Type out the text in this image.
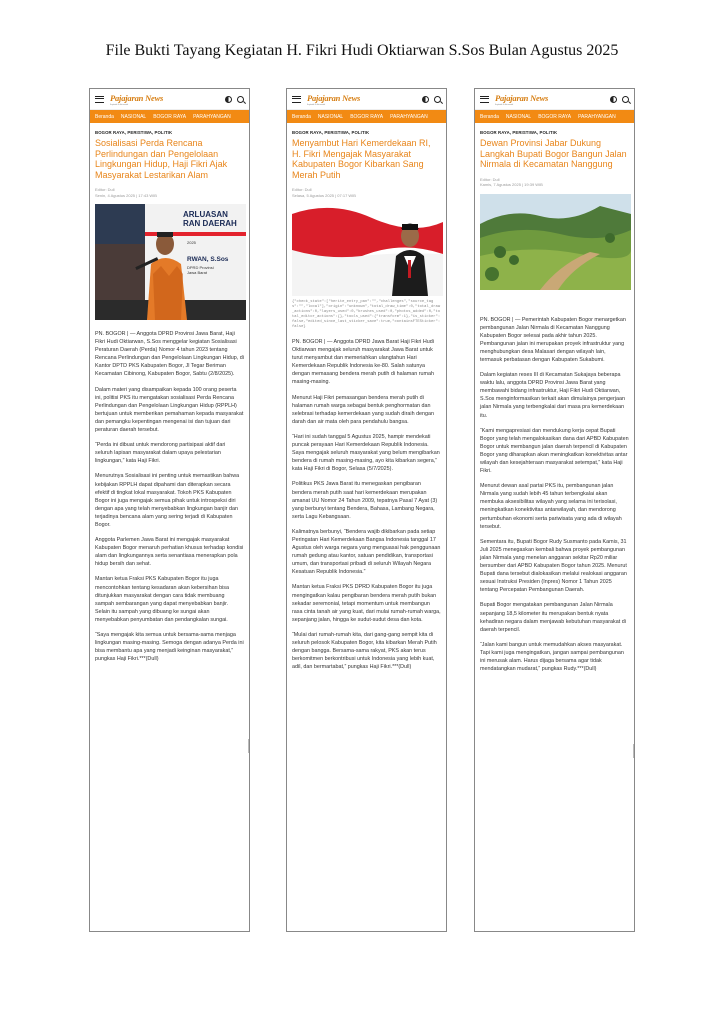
File Bukti Tayang Kegiatan H. Fikri Hudi Oktiarwan S.Sos Bulan Agustus 2025
Pajajaran News
Inspiratif & Informatif
Beranda NASIONAL BOGOR RAYA PARAHYANGAN
BOGOR RAYA, PERISTIWA, POLITIK
Sosialisasi Perda Rencana Perlindungan dan Pengelolaan Lingkungan Hidup, Haji Fikri Ajak Masyarakat Lestarikan Alam
Editor: Dull
Senin, 4 Agustus 2025 | 17:43 WIB
ARLUASAN
RAN DAERAH
2025
RWAN, S.Sos
DPRD Provinsi
Jawa Barat

PN. BOGOR | — Anggota DPRD Provinsi Jawa Barat, Haji Fikri Hudi Oktiarwan, S.Sos menggelar kegiatan Sosialisasi Peraturan Daerah (Perda) Nomor 4 tahun 2023 tentang Rencana Perlindungan dan Pengelolaan Lingkungan Hidup, di Kantor DPTD PKS Kabupaten Bogor, Jl Tegar Beriman Kecamatan Cibinong, Kabupaten Bogor, Sabtu (2/8/2025).

Dalam materi yang disampaikan kepada 100 orang peserta ini, politisi PKS itu mengatakan sosialisasi Perda Rencana Perlindungan dan Pengelolaan Lingkungan Hidup (RPPLH) bertujuan untuk memberikan pemahaman kepada masyarakat dan pemangku kepentingan mengenai isi dan tujuan dari peraturan daerah tersebut.

“Perda ini dibuat untuk mendorong partisipasi aktif dari seluruh lapisan masyarakat dalam upaya pelestarian lingkungan,” kata Haji Fikri.

Menurutnya Sosialisasi ini penting untuk memastikan bahwa kebijakan RPPLH dapat dipahami dan diterapkan secara efektif di tingkat lokal masyarakat. Tokoh PKS Kabupaten Bogor ini juga mengajak semua pihak untuk introspeksi diri dengan apa yang telah menyebabkan lingkungan banjir dan terjadinya bencana alam yang sering terjadi di Kabupaten Bogor.

Anggota Parlemen Jawa Barat ini mengajak masyarakat Kabupaten Bogor menaruh perhatian khusus terhadap kondisi alam dan lingkungannya serta senantiasa menerapkan pola hidup bersih dan sehat.

Mantan ketua Fraksi PKS Kabupaten Bogor itu juga mencontohkan tentang kesadaran akan kebersihan bisa ditunjukkan masyarakat dengan cara tidak membuang sampah sembarangan yang dapat menyebabkan banjir. Selain itu sampah yang dibuang ke sungai akan menyebabkan penyumbatan dan pendangkalan sungai.

“Saya mengajak kita semua untuk bersama-sama menjaga lingkungan masing-masing. Semoga dengan adanya Perda ini bisa membantu apa yang menjadi keinginan masyarakat,” pungkas Haji Fikri.***(Dull)

Pajajaran News
Inspiratif & Informatif
Beranda NASIONAL BOGOR RAYA PARAHYANGAN
BOGOR RAYA, PERISTIWA, POLITIK
Menyambut Hari Kemerdekaan RI, H. Fikri Mengajak Masyarakat Kabupaten Bogor Kibarkan Sang Merah Putih
Editor: Dull
Selasa, 5 Agustus 2025 | 07:17 WIB
{"check_state":["herite_entry_pan":"","challenges","source_tags":"","local"],"origin":"unknown","total_draw_time":0,"total_draw_actions":0,"layers_used":0,"brushes_used":0,"photos_added":0,"total_editor_actions":{},"tools_used":{"transform":1},"is_sticker":false,"edited_since_last_sticker_save":true,"containsFTESticker":false}

PN. BOGOR | — Anggota DPRD Jawa Barat Haji Fikri Hudi Oktiarwan mengajak seluruh masyarakat Jawa Barat untuk turut menyambut dan memeriahkan ulangtahun Hari Kemerdekaan Republik Indonesia ke-80. Salah satunya dengan memasang bendera merah putih di halaman rumah masing-masing.

Menurut Haji Fikri pemasangan bendera merah putih di halaman rumah warga sebagai bentuk penghormatan dan selebrasi terhadap kemerdekaan yang sudah diraih dengan darah dan air mata oleh para pendahulu bangsa.

“Hari ini sudah tanggal 5 Agustus 2025, hampir mendekati puncak perayaan Hari Kemerdekaan Republik Indonesia. Saya mengajak seluruh masyarakat yang belum mengibarkan bendera di rumah masing-masing, ayo kita kibarkan segera,” kata Haji Fikri di Bogor, Selasa (5/7/2025).

Politikus PKS Jawa Barat itu menegaskan pengibaran bendera merah putih saat hari kemerdekaan merupakan amanat UU Nomor 24 Tahun 2009, tepatnya Pasal 7 Ayat (3) yang berbunyi tentang Bendera, Bahasa, Lambang Negara, serta Lagu Kebangsaan.

Kalimatnya berbunyi, “Bendera wajib dikibarkan pada setiap Peringatan Hari Kemerdekaan Bangsa Indonesia tanggal 17 Agustus oleh warga negara yang menguasai hak penggunaan rumah gedung atau kantor, satuan pendidikan, transportasi umum, dan transportasi pribadi di seluruh Wilayah Negara Kesatuan Republik Indonesia.”

Mantan ketua Fraksi PKS DPRD Kabupaten Bogor itu juga mengingatkan kalau pengibaran bendera merah putih bukan sekadar seremonial, tetapi momentum untuk membangun rasa cinta tanah air yang kuat, dari mulai rumah-rumah warga, sepanjang jalan, hingga ke sudut-sudut desa dan kota.

“Mulai dari rumah-rumah kita, dari gang-gang sempit kita di seluruh pelosok Kabupaten Bogor, kita kibarkan Merah Putih dengan bangga. Bersama-sama rakyat, PKS akan terus berkomitmen berkontribusi untuk Indonesia yang lebih kuat, adil, dan bermartabat,” pungkas Haji Fikri.***(Dull)

Pajajaran News
Inspiratif & Informatif
Beranda NASIONAL BOGOR RAYA PARAHYANGAN
BOGOR RAYA, PERISTIWA, POLITIK
Dewan Provinsi Jabar Dukung Langkah Bupati Bogor Bangun Jalan Nirmala di Kecamatan Nanggung
Editor: Dull
Kamis, 7 Agustus 2025 | 19:39 WIB

PN. BOGOR | — Pemerintah Kabupaten Bogor menargetkan pembangunan Jalan Nirmala di Kecamatan Nanggung Kabupaten Bogor selesai pada akhir tahun 2025. Pembangunan jalan ini merupakan proyek infrastruktur yang menghubungkan desa Malasari dengan wilayah lain, termasuk perbatasan dengan Kabupaten Sukabumi.

Dalam kegiatan reses III di Kecamatan Sukajaya beberapa waktu lalu, anggota DPRD Provinsi Jawa Barat yang membawahi bidang infrastruktur, Haji Fikri Hudi Oktiarwan, S.Sos menginformasikan terkait akan dimulainya pengerjaan jalan Nirmala yang terbengkalai dari masa pra kemerdekaan itu.

“Kami mengapresiasi dan mendukung kerja cepat Bupati Bogor yang telah mengalokasikan dana dari APBD Kabupaten Bogor untuk membangun jalan daerah terpencil di Kabupaten Bogor yang diharapkan akan meningkatkan konektivitas antar wilayah dan kesejahteraan masyarakat setempat,” kata Haji Fikri.

Menurut dewan asal partai PKS itu, pembangunan jalan Nirmala yang sudah lebih 45 tahun terbengkalai akan membuka aksesibilitas wilayah yang selama ini terisolasi, meningkatkan konektivitas antarwilayah, dan mendorong pertumbuhan ekonomi serta pariwisata yang ada di wilayah tersebut.

Sementara itu, Bupati Bogor Rudy Susmanto pada Kamis, 31 Juli 2025 menegaskan kembali bahwa proyek pembangunan jalan Nirmala yang menelan anggaran sekitar Rp20 miliar bersumber dari APBD Kabupaten Bogor tahun 2025. Menurut Bupati dana tersebut dialokasikan melalui realokasi anggaran sesuai Instruksi Presiden (Inpres) Nomor 1 Tahun 2025 tentang Percepatan Pembangunan Daerah.

Bupati Bogor mengatakan pembangunan Jalan Nirmala sepanjang 18,5 kilometer itu merupakan bentuk nyata kehadiran negara dalam menjawab kebutuhan masyarakat di daerah terpencil.

“Jalan kami bangun untuk memudahkan akses masyarakat. Tapi kami juga mengingatkan, jangan sampai pembangunan ini merusak alam. Harus dijaga bersama agar tidak mendatangkan mudarat,” pungkas Rudy.***(Dull)
